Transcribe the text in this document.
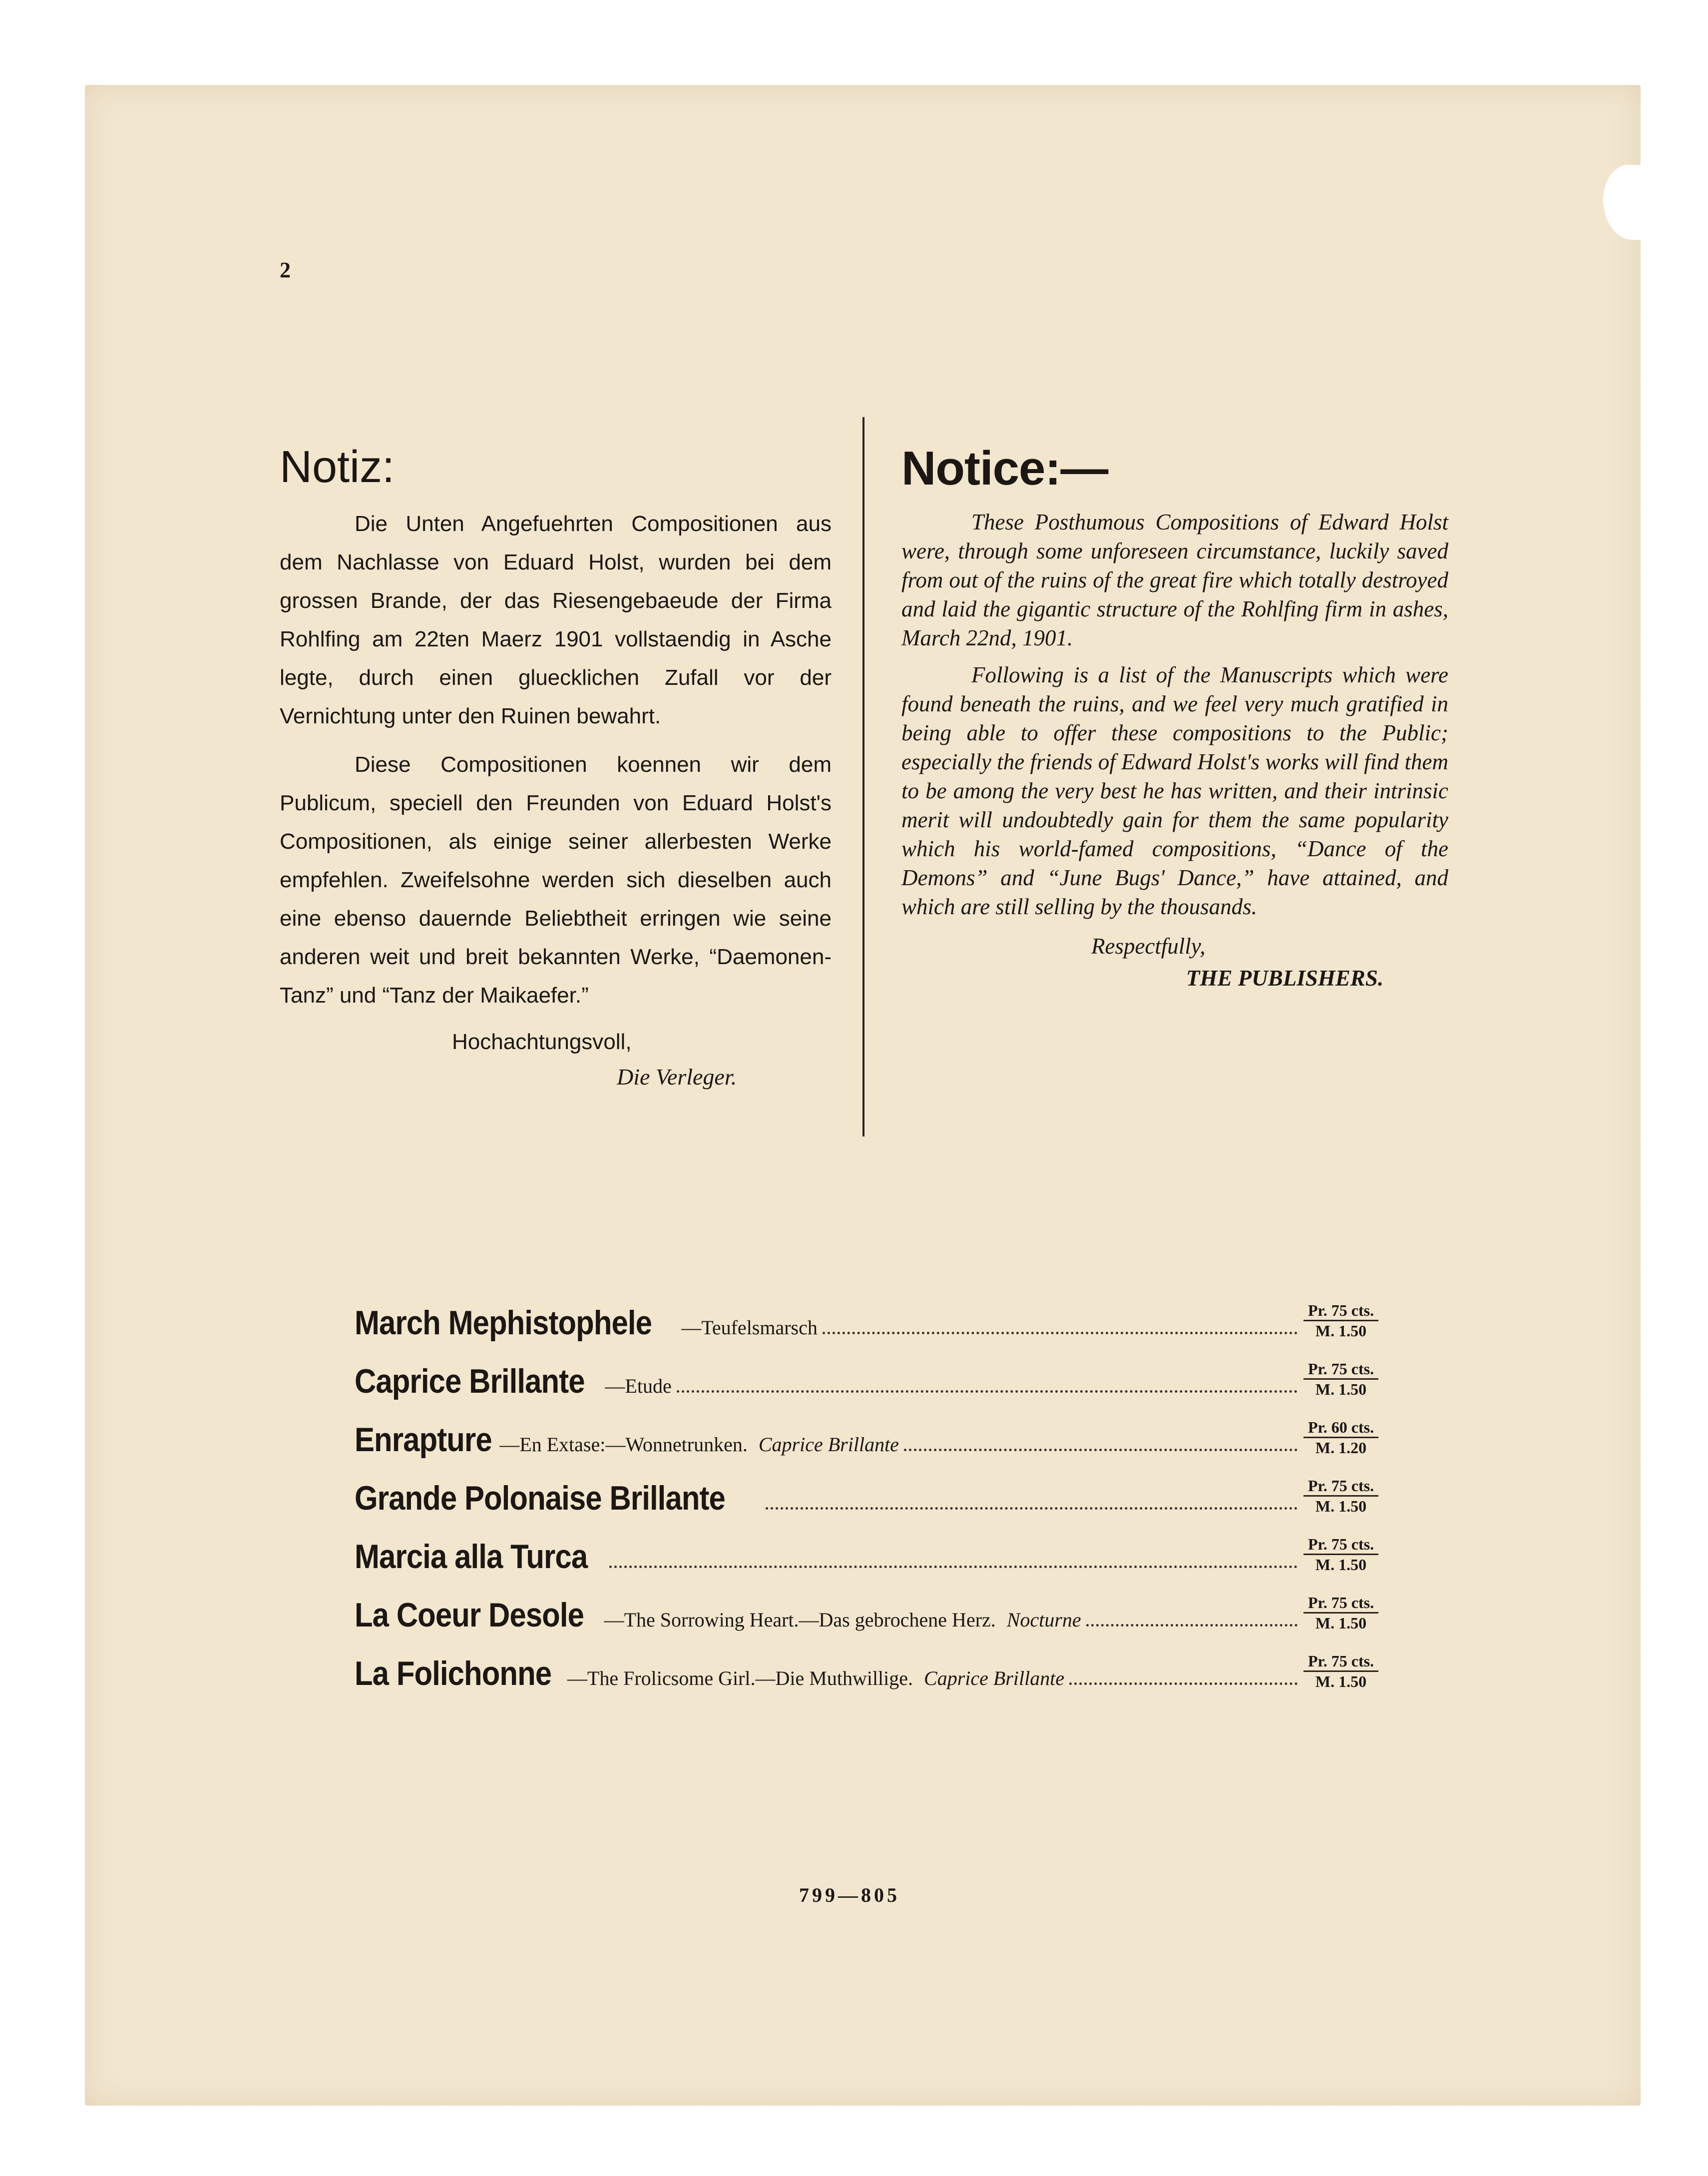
2
Notiz:

Die Unten Angefuehrten Compositionen aus dem Nachlasse von Eduard Holst, wurden bei dem grossen Brande, der das Riesengebaeude der Firma Rohlfing am 22ten Maerz 1901 vollstaendig in Asche legte, durch einen gluecklichen Zufall vor der Vernichtung unter den Ruinen bewahrt.

Diese Compositionen koennen wir dem Publicum, speciell den Freunden von Eduard Holst's Compositionen, als einige seiner allerbesten Werke empfehlen. Zweifelsohne werden sich dieselben auch eine ebenso dauernde Beliebtheit erringen wie seine anderen weit und breit bekannten Werke, “Daemonen-Tanz” und “Tanz der Maikaefer.”

Hochachtungsvoll,
Die Verleger.
Notice:—

These Posthumous Compositions of Edward Holst were, through some unforeseen circumstance, luckily saved from out of the ruins of the great fire which totally destroyed and laid the gigantic structure of the Rohlfing firm in ashes, March 22nd, 1901.

Following is a list of the Manuscripts which were found beneath the ruins, and we feel very much gratified in being able to offer these compositions to the Public; especially the friends of Edward Holst's works will find them to be among the very best he has written, and their intrinsic merit will undoubtedly gain for them the same popularity which his world-famed compositions, “Dance of the Demons” and “June Bugs' Dance,” have attained, and which are still selling by the thousands.

Respectfully,
THE PUBLISHERS.
March Mephistophele —Teufelsmarsch
Pr. 75 cts.
M. 1.50
Caprice Brillante —Etude
Pr. 75 cts.
M. 1.50
Enrapture —En Extase:—Wonnetrunken. Caprice Brillante
Pr. 60 cts.
M. 1.20
Grande Polonaise Brillante	Pr. 75 cts.
M. 1.50
Marcia alla Turca	Pr. 75 cts.
M. 1.50
La Coeur Desole —The Sorrowing Heart.—Das gebrochene Herz. Nocturne
Pr. 75 cts.
M. 1.50
La Folichonne —The Frolicsome Girl.—Die Muthwillige. Caprice Brillante
Pr. 75 cts.
M. 1.50
799—805
